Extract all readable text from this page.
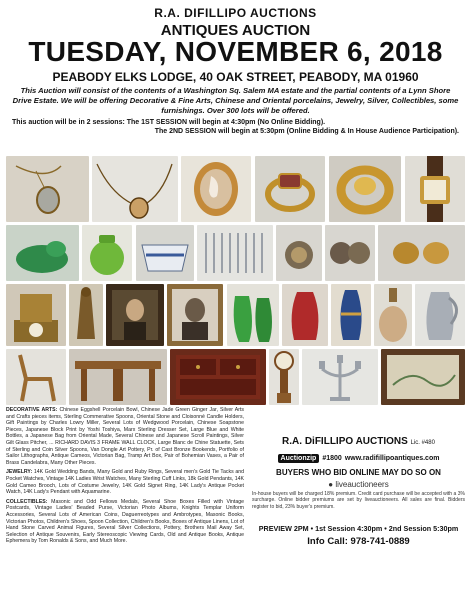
R.A. DIFILLIPO AUCTIONS
ANTIQUES AUCTION
TUESDAY, NOVEMBER 6, 2018
PEABODY ELKS LODGE, 40 OAK STREET, PEABODY, MA 01960
This Auction will consist of the contents of a Washington Sq. Salem MA estate and the partial contents of a Lynn Shore Drive Estate. We will be offering Decorative & Fine Arts, Chinese and Oriental porcelains, Jewelry, Silver, Collectibles, some furnishings. Over 300 lots will be offered.
This auction will be in 2 sessions: The 1ST SESSION will begin at 4:30pm (No Online Bidding).
The 2ND SESSION will begin at 5:30pm (Online Bidding & In House Audience Participation).

DECORATIVE ARTS: Chinese Eggshell Porcelain Bowl, Chinese Jade Green Ginger Jar, Silver Arts and Crafts pieces items, Sterling Commerative Spoons, Oriental Stone and Cloisonné Candle Holders, Gift Paintings by Charles Lowry Miller, Several Lots of Wedgwood Porcelain, Chinese Soapstone Pieces, Japanese Block Print by Yoshi Toshiya, Marx Sterling Dresser Set, Large Blue and White Bottles, a Japanese Bag from Oriental Made, Several Chinese and Japanese Scroll Paintings, Silver Gilt Glass Pitcher, ... RICHARD DAVIS 3 FRAME WALL CLOCK, Large Blanc de Chine Statuette, Sets of Sterling and Coin Silver Spoons, Van Dongle Art Pottery, Pr. of Cast Bronze Bookends, Portfolio of Sailor Lithographs, Antique Cameos, Victorian Bag, Tramp Art Box, Pair of Bohemian Vases, a Pair of Brass Candelabra, Many Other Pieces.

JEWELRY: 14K Gold Wedding Bands, Many Gold and Ruby Rings, Several men's Gold Tie Tacks and Pocket Watches, Vintage 14K Ladies Wrist Watches, Many Sterling Cuff Links, 18k Gold Pendants, 14K Gold Cameo Brooch, Lots of Costume Jewelry, 14K Gold Signet Ring, 14K Lady's Antique Pocket Watch, 14K Lady's Pendant with Aquamarine.

COLLECTIBLES: Masonic and Odd Fellows Medals, Several Shoe Boxes Filled with Vintage Postcards, Vintage Ladies' Beaded Purse, Victorian Photo Albums, Knights Templar Uniform Accessories, Several Lots of American Coins, Daguerreotypes and Ambrotypes, Masonic Books, Victorian Photos, Children's Shoes, Spoon Collection, Children's Books, Boxes of Antique Linens, Lot of Hand Stone Carved Animal Figures, Several Silver Collections, Pottery, Brothers Mail Away Set, Selection of Antique Souvenirs, Early Stereoscopic Viewing Cards, Old and Antique Books, Antique Ephemera by Tom Ronalds & Sons, and Much More.

R.A. DiFILLIPO AUCTIONS Lic. #480
Auctionzip #1800 www.radifillipoantiques.com
BUYERS WHO BID ONLINE MAY DO SO ON
● liveauctioneers
In-house buyers will be charged 18% premium. Credit card purchase will be accepted with a 3% surcharge. Online bidder premiums are set by liveauctioneers. All sales are final. Bidders register to bid, 23% buyer's premium.
PREVIEW 2PM • 1st Session 4:30pm • 2nd Session 5:30pm
Info Call: 978-741-0889
